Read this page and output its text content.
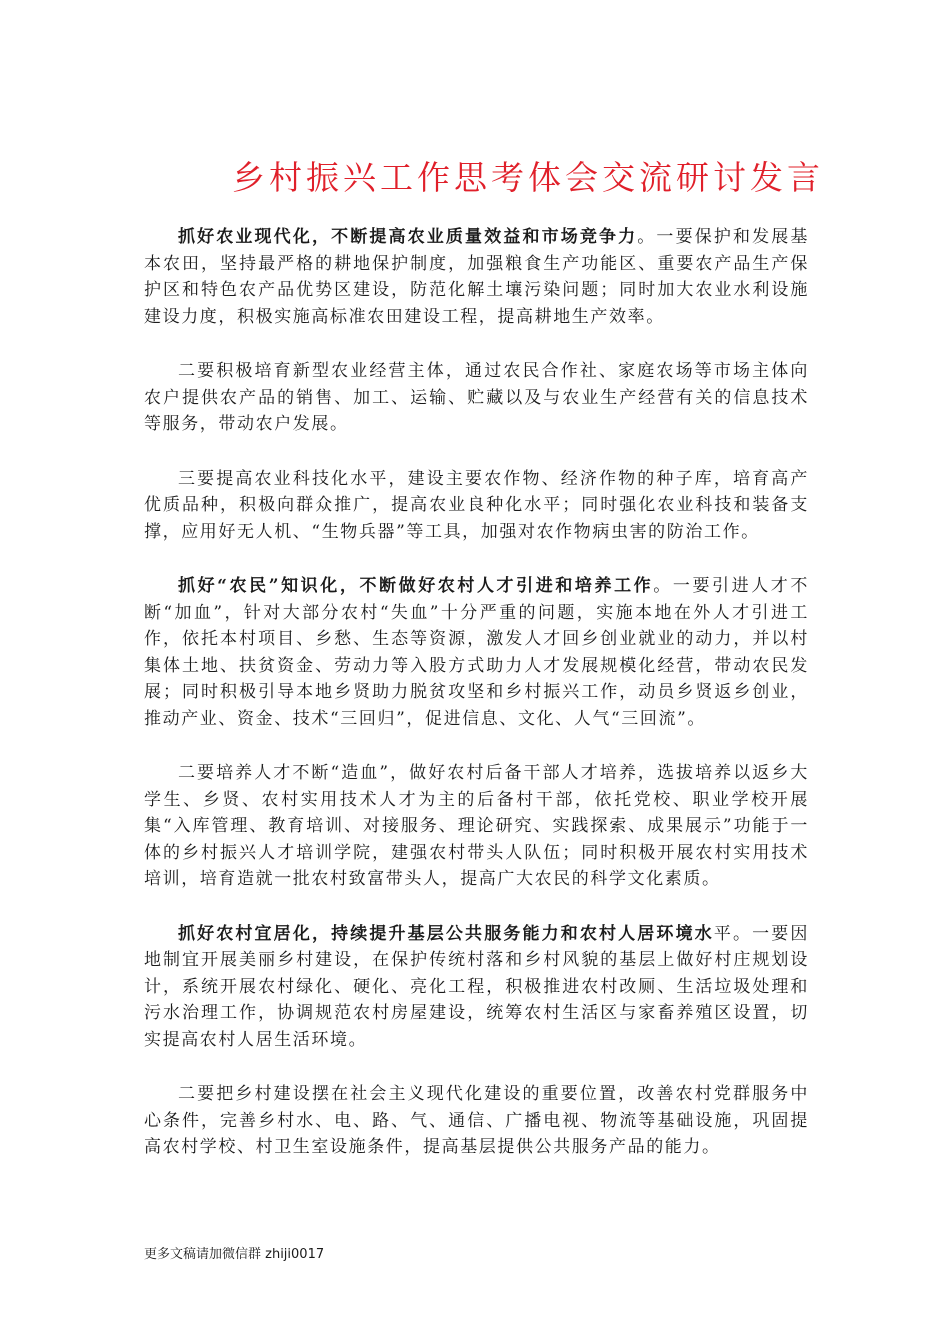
乡村振兴工作思考体会交流研讨发言

抓好农业现代化，不断提高农业质量效益和市场竞争力。一要保护和发展基本农田，坚持最严格的耕地保护制度，加强粮食生产功能区、重要农产品生产保护区和特色农产品优势区建设，防范化解土壤污染问题；同时加大农业水利设施建设力度，积极实施高标准农田建设工程，提高耕地生产效率。

二要积极培育新型农业经营主体，通过农民合作社、家庭农场等市场主体向农户提供农产品的销售、加工、运输、贮藏以及与农业生产经营有关的信息技术等服务，带动农户发展。

三要提高农业科技化水平，建设主要农作物、经济作物的种子库，培育高产优质品种，积极向群众推广，提高农业良种化水平；同时强化农业科技和装备支撑，应用好无人机、“生物兵器”等工具，加强对农作物病虫害的防治工作。

抓好“农民”知识化，不断做好农村人才引进和培养工作。一要引进人才不断“加血”，针对大部分农村“失血”十分严重的问题，实施本地在外人才引进工作，依托本村项目、乡愁、生态等资源，激发人才回乡创业就业的动力，并以村集体土地、扶贫资金、劳动力等入股方式助力人才发展规模化经营，带动农民发展；同时积极引导本地乡贤助力脱贫攻坚和乡村振兴工作，动员乡贤返乡创业，推动产业、资金、技术“三回归”，促进信息、文化、人气“三回流”。

二要培养人才不断“造血”，做好农村后备干部人才培养，选拔培养以返乡大学生、乡贤、农村实用技术人才为主的后备村干部，依托党校、职业学校开展集“入库管理、教育培训、对接服务、理论研究、实践探索、成果展示”功能于一体的乡村振兴人才培训学院，建强农村带头人队伍；同时积极开展农村实用技术培训，培育造就一批农村致富带头人，提高广大农民的科学文化素质。

抓好农村宜居化，持续提升基层公共服务能力和农村人居环境水平。一要因地制宜开展美丽乡村建设，在保护传统村落和乡村风貌的基层上做好村庄规划设计，系统开展农村绿化、硬化、亮化工程，积极推进农村改厕、生活垃圾处理和污水治理工作，协调规范农村房屋建设，统筹农村生活区与家畜养殖区设置，切实提高农村人居生活环境。

二要把乡村建设摆在社会主义现代化建设的重要位置，改善农村党群服务中心条件，完善乡村水、电、路、气、通信、广播电视、物流等基础设施，巩固提高农村学校、村卫生室设施条件，提高基层提供公共服务产品的能力。

更多文稿请加微信群 zhiji0017
